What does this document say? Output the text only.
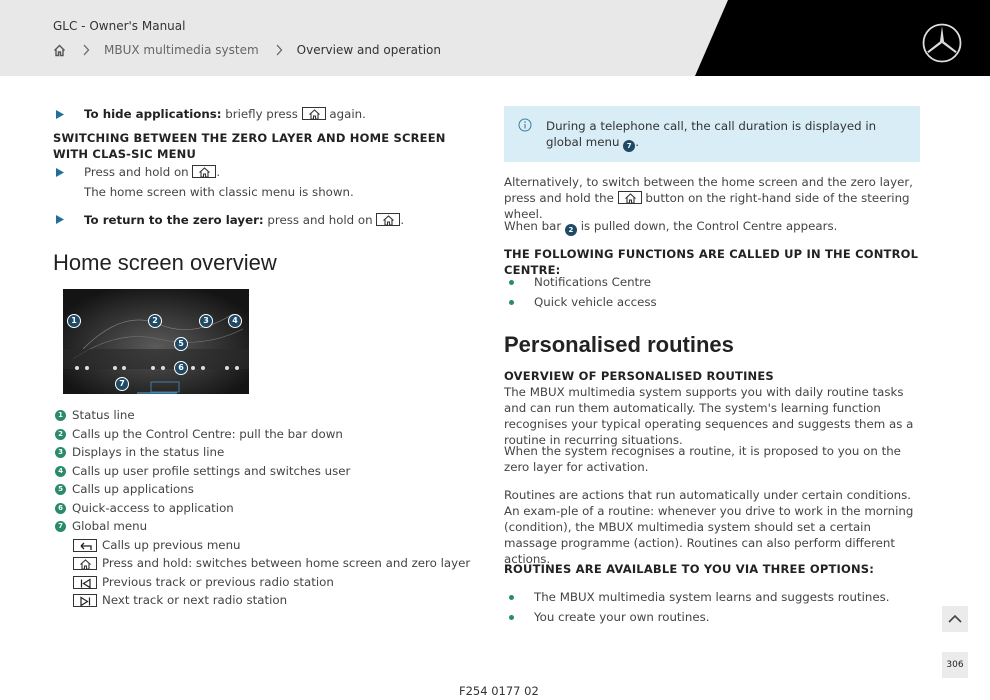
GLC - Owner's Manual
MBUX multimedia system	Overview and operation
To hide applications: briefly press
again.
SWITCHING BETWEEN THE ZERO LAYER AND HOME SCREEN WITH CLAS-SIC MENU
Press and hold on
.
The home screen with classic menu is shown.
To return to the zero layer: press and hold on
.
Home screen overview
1	2	3	4
5
6
7
1 Status line
2 Calls up the Control Centre: pull the bar down
3 Displays in the status line
4 Calls up user profile settings and switches user
5 Calls up applications
6 Quick-access to application
7 Global menu
Calls up previous menu
Press and hold: switches between home screen and zero layer
Previous track or previous radio station
Next track or next radio station
During a telephone call, the call duration is displayed in global menu 7 .
Alternatively, to switch between the home screen and the zero layer, press and hold the
button on the right-hand side of the steering wheel.
When bar 2 is pulled down, the Control Centre appears.
THE FOLLOWING FUNCTIONS ARE CALLED UP IN THE CONTROL CENTRE:
Notifications Centre
Quick vehicle access
Personalised routines
OVERVIEW OF PERSONALISED ROUTINES
The MBUX multimedia system supports you with daily routine tasks and can run them automatically. The system's learning function recognises your typical operating sequences and suggests them as a routine in recurring situations.
When the system recognises a routine, it is proposed to you on the zero layer for activation.
Routines are actions that run automatically under certain conditions. An exam-ple of a routine: whenever you drive to work in the morning (condition), the MBUX multimedia system should set a certain massage programme (action). Routines can also perform different actions.
ROUTINES ARE AVAILABLE TO YOU VIA THREE OPTIONS:
The MBUX multimedia system learns and suggests routines.
You create your own routines.
306
F254 0177 02
